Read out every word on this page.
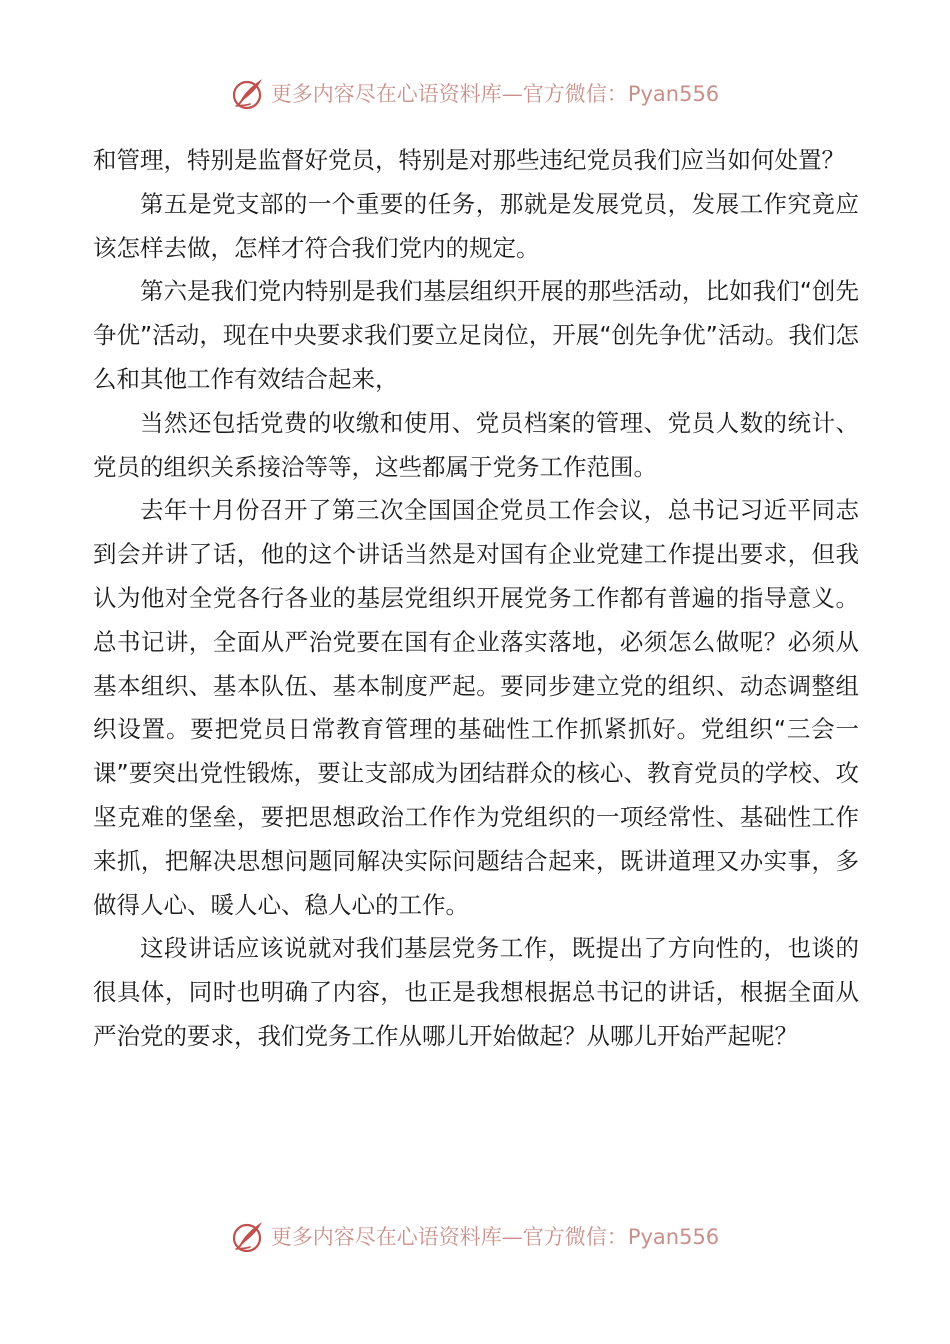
更多内容尽在心语资料库—官方微信：Pyan556

和管理，特别是监督好党员，特别是对那些违纪党员我们应当如何处置？

第五是党支部的一个重要的任务，那就是发展党员，发展工作究竟应该怎样去做，怎样才符合我们党内的规定。

第六是我们党内特别是我们基层组织开展的那些活动，比如我们“创先争优”活动，现在中央要求我们要立足岗位，开展“创先争优”活动。我们怎么和其他工作有效结合起来，

当然还包括党费的收缴和使用、党员档案的管理、党员人数的统计、党员的组织关系接洽等等，这些都属于党务工作范围。

去年十月份召开了第三次全国国企党员工作会议，总书记习近平同志到会并讲了话，他的这个讲话当然是对国有企业党建工作提出要求，但我认为他对全党各行各业的基层党组织开展党务工作都有普遍的指导意义。总书记讲，全面从严治党要在国有企业落实落地，必须怎么做呢？必须从基本组织、基本队伍、基本制度严起。要同步建立党的组织、动态调整组织设置。要把党员日常教育管理的基础性工作抓紧抓好。党组织“三会一课”要突出党性锻炼，要让支部成为团结群众的核心、教育党员的学校、攻坚克难的堡垒，要把思想政治工作作为党组织的一项经常性、基础性工作来抓，把解决思想问题同解决实际问题结合起来，既讲道理又办实事，多做得人心、暖人心、稳人心的工作。

这段讲话应该说就对我们基层党务工作，既提出了方向性的，也谈的很具体，同时也明确了内容，也正是我想根据总书记的讲话，根据全面从严治党的要求，我们党务工作从哪儿开始做起？从哪儿开始严起呢？

更多内容尽在心语资料库—官方微信：Pyan556
